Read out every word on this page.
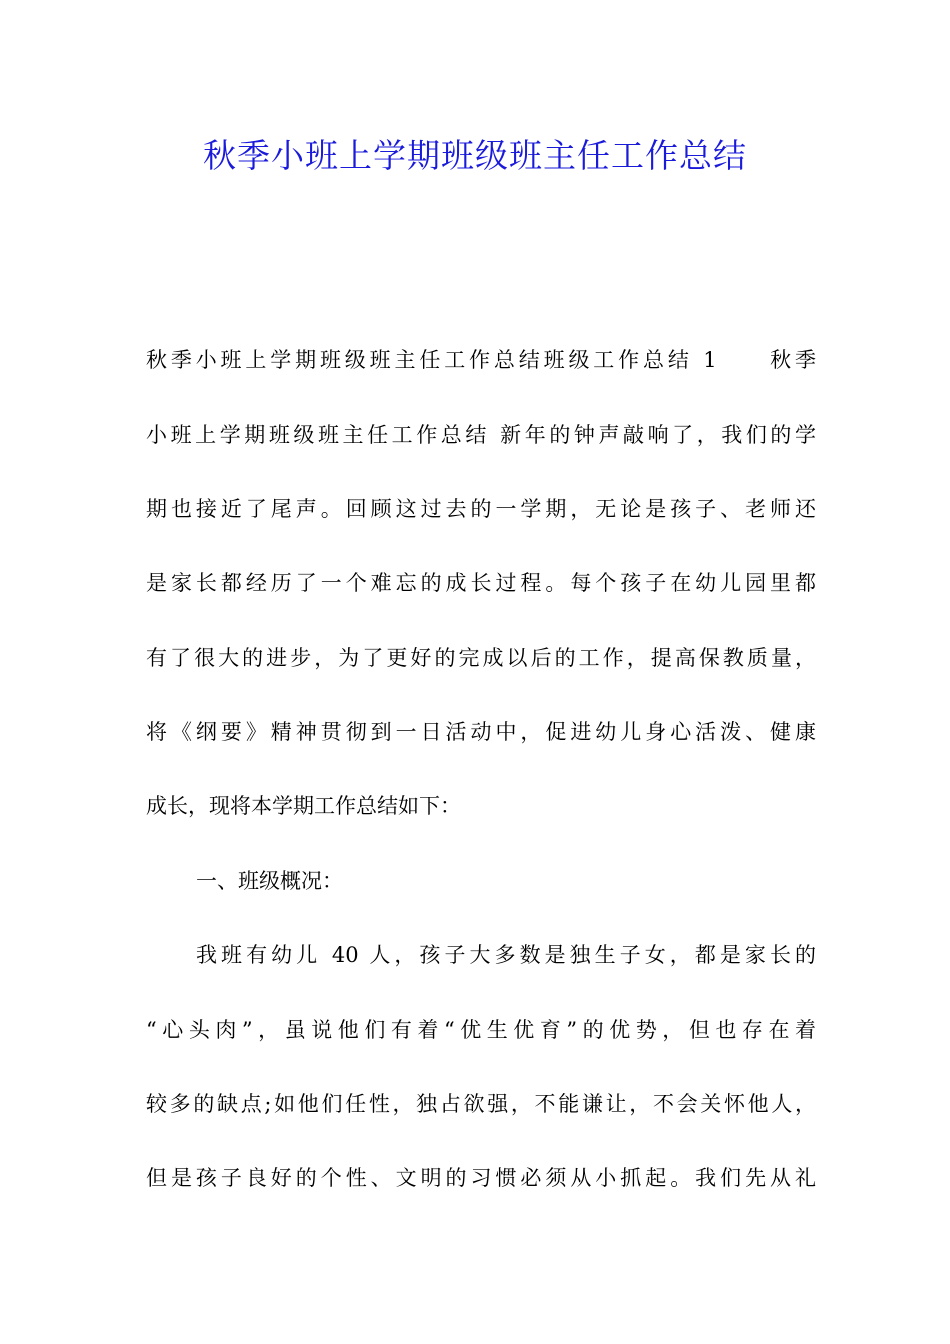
秋季小班上学期班级班主任工作总结
秋季小班上学期班级班主任工作总结班级工作总结 1　　秋季
小班上学期班级班主任工作总结 新年的钟声敲响了，我们的学
期也接近了尾声。回顾这过去的一学期，无论是孩子、老师还
是家长都经历了一个难忘的成长过程。每个孩子在幼儿园里都
有了很大的进步，为了更好的完成以后的工作，提高保教质量，
将《纲要》精神贯彻到一日活动中，促进幼儿身心活泼、健康
成长，现将本学期工作总结如下：
一、班级概况：
我班有幼儿 40 人，孩子大多数是独生子女，都是家长的
“心头肉”，虽说他们有着“优生优育”的优势，但也存在着
较多的缺点;如他们任性，独占欲强，不能谦让，不会关怀他人，
但是孩子良好的个性、文明的习惯必须从小抓起。我们先从礼
